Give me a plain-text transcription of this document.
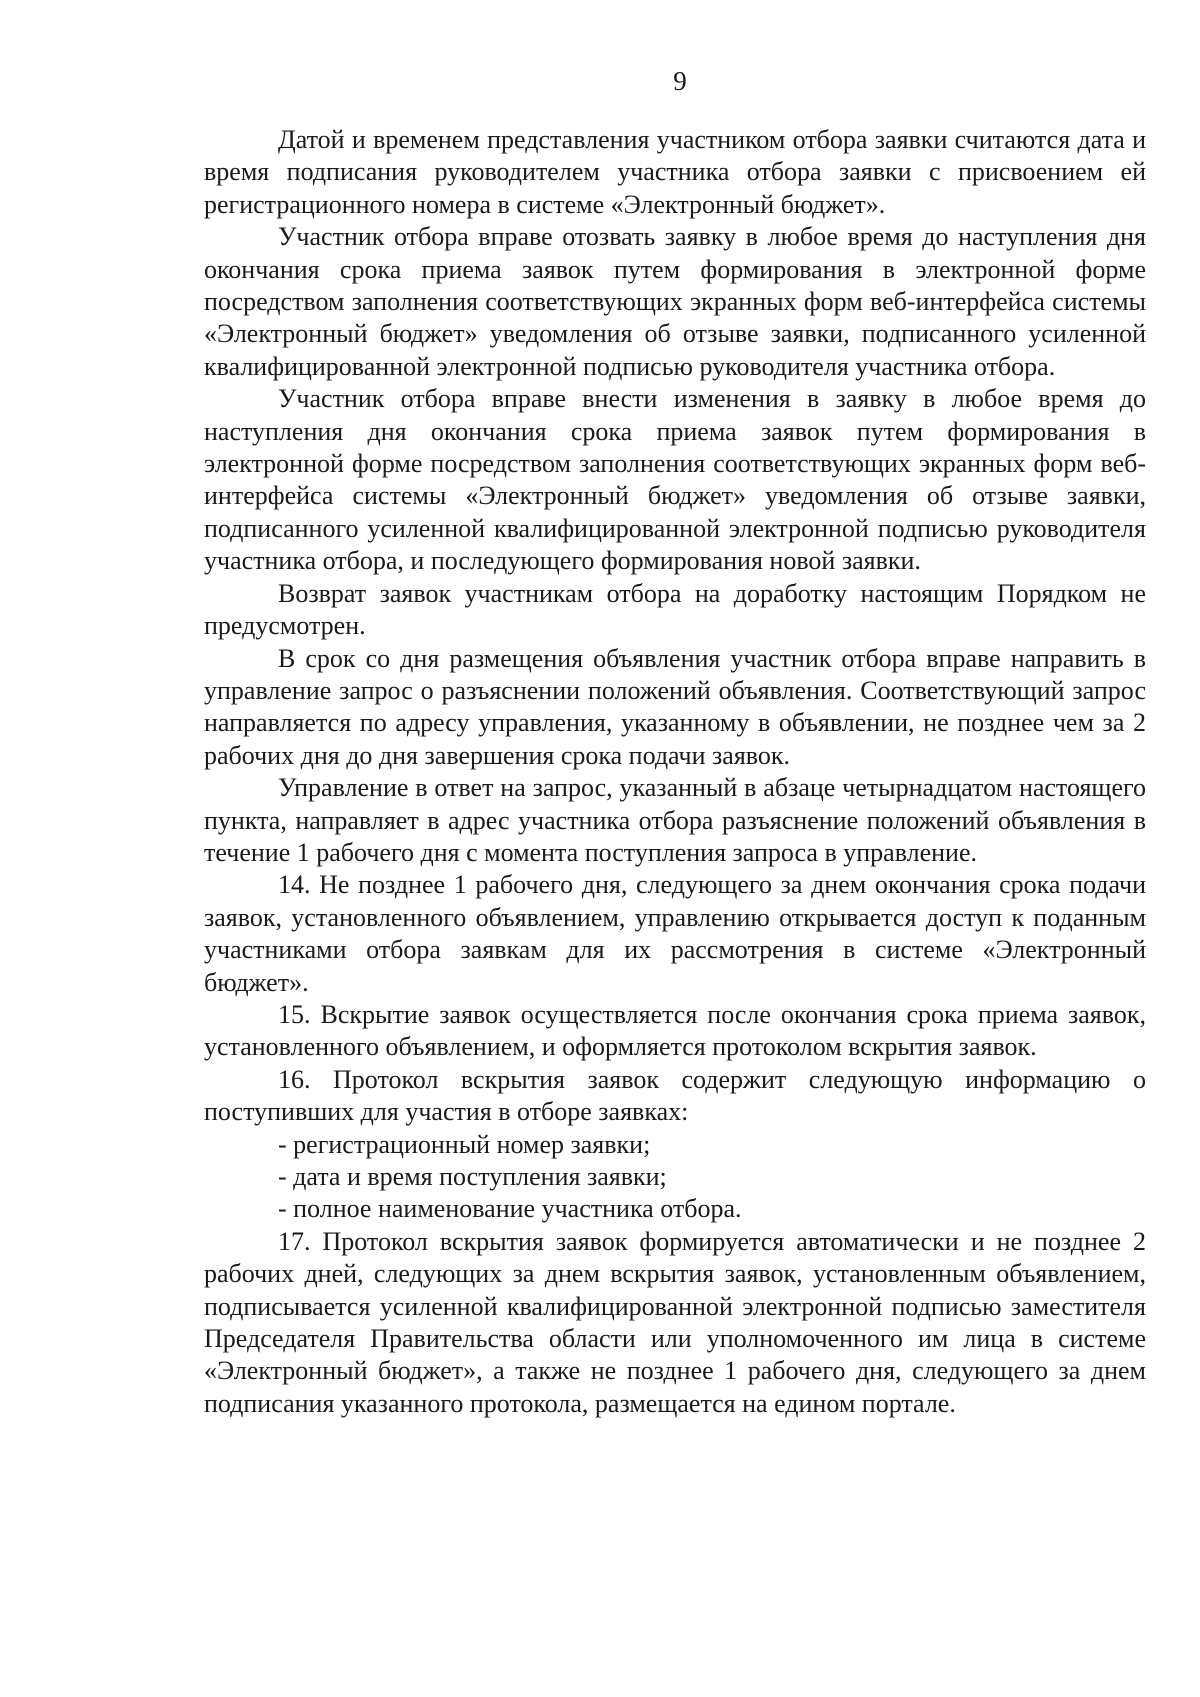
9

Датой и временем представления участником отбора заявки считаются дата и время подписания руководителем участника отбора заявки с присвоением ей регистрационного номера в системе «Электронный бюджет».

Участник отбора вправе отозвать заявку в любое время до наступления дня окончания срока приема заявок путем формирования в электронной форме посредством заполнения соответствующих экранных форм веб-интерфейса системы «Электронный бюджет» уведомления об отзыве заявки, подписанного усиленной квалифицированной электронной подписью руководителя участника отбора.

Участник отбора вправе внести изменения в заявку в любое время до наступления дня окончания срока приема заявок путем формирования в электронной форме посредством заполнения соответствующих экранных форм веб-интерфейса системы «Электронный бюджет» уведомления об отзыве заявки, подписанного усиленной квалифицированной электронной подписью руководителя участника отбора, и последующего формирования новой заявки.

Возврат заявок участникам отбора на доработку настоящим Порядком не предусмотрен.

В срок со дня размещения объявления участник отбора вправе направить в управление запрос о разъяснении положений объявления. Соответствующий запрос направляется по адресу управления, указанному в объявлении, не позднее чем за 2 рабочих дня до дня завершения срока подачи заявок.

Управление в ответ на запрос, указанный в абзаце четырнадцатом настоящего пункта, направляет в адрес участника отбора разъяснение положений объявления в течение 1 рабочего дня с момента поступления запроса в управление.

14. Не позднее 1 рабочего дня, следующего за днем окончания срока подачи заявок, установленного объявлением, управлению открывается доступ к поданным участниками отбора заявкам для их рассмотрения в системе «Электронный бюджет».

15. Вскрытие заявок осуществляется после окончания срока приема заявок, установленного объявлением, и оформляется протоколом вскрытия заявок.

16. Протокол вскрытия заявок содержит следующую информацию о поступивших для участия в отборе заявках:

- регистрационный номер заявки;

- дата и время поступления заявки;

- полное наименование участника отбора.

17. Протокол вскрытия заявок формируется автоматически и не позднее 2 рабочих дней, следующих за днем вскрытия заявок, установленным объявлением, подписывается усиленной квалифицированной электронной подписью заместителя Председателя Правительства области или уполномоченного им лица в системе «Электронный бюджет», а также не позднее 1 рабочего дня, следующего за днем подписания указанного протокола, размещается на едином портале.
